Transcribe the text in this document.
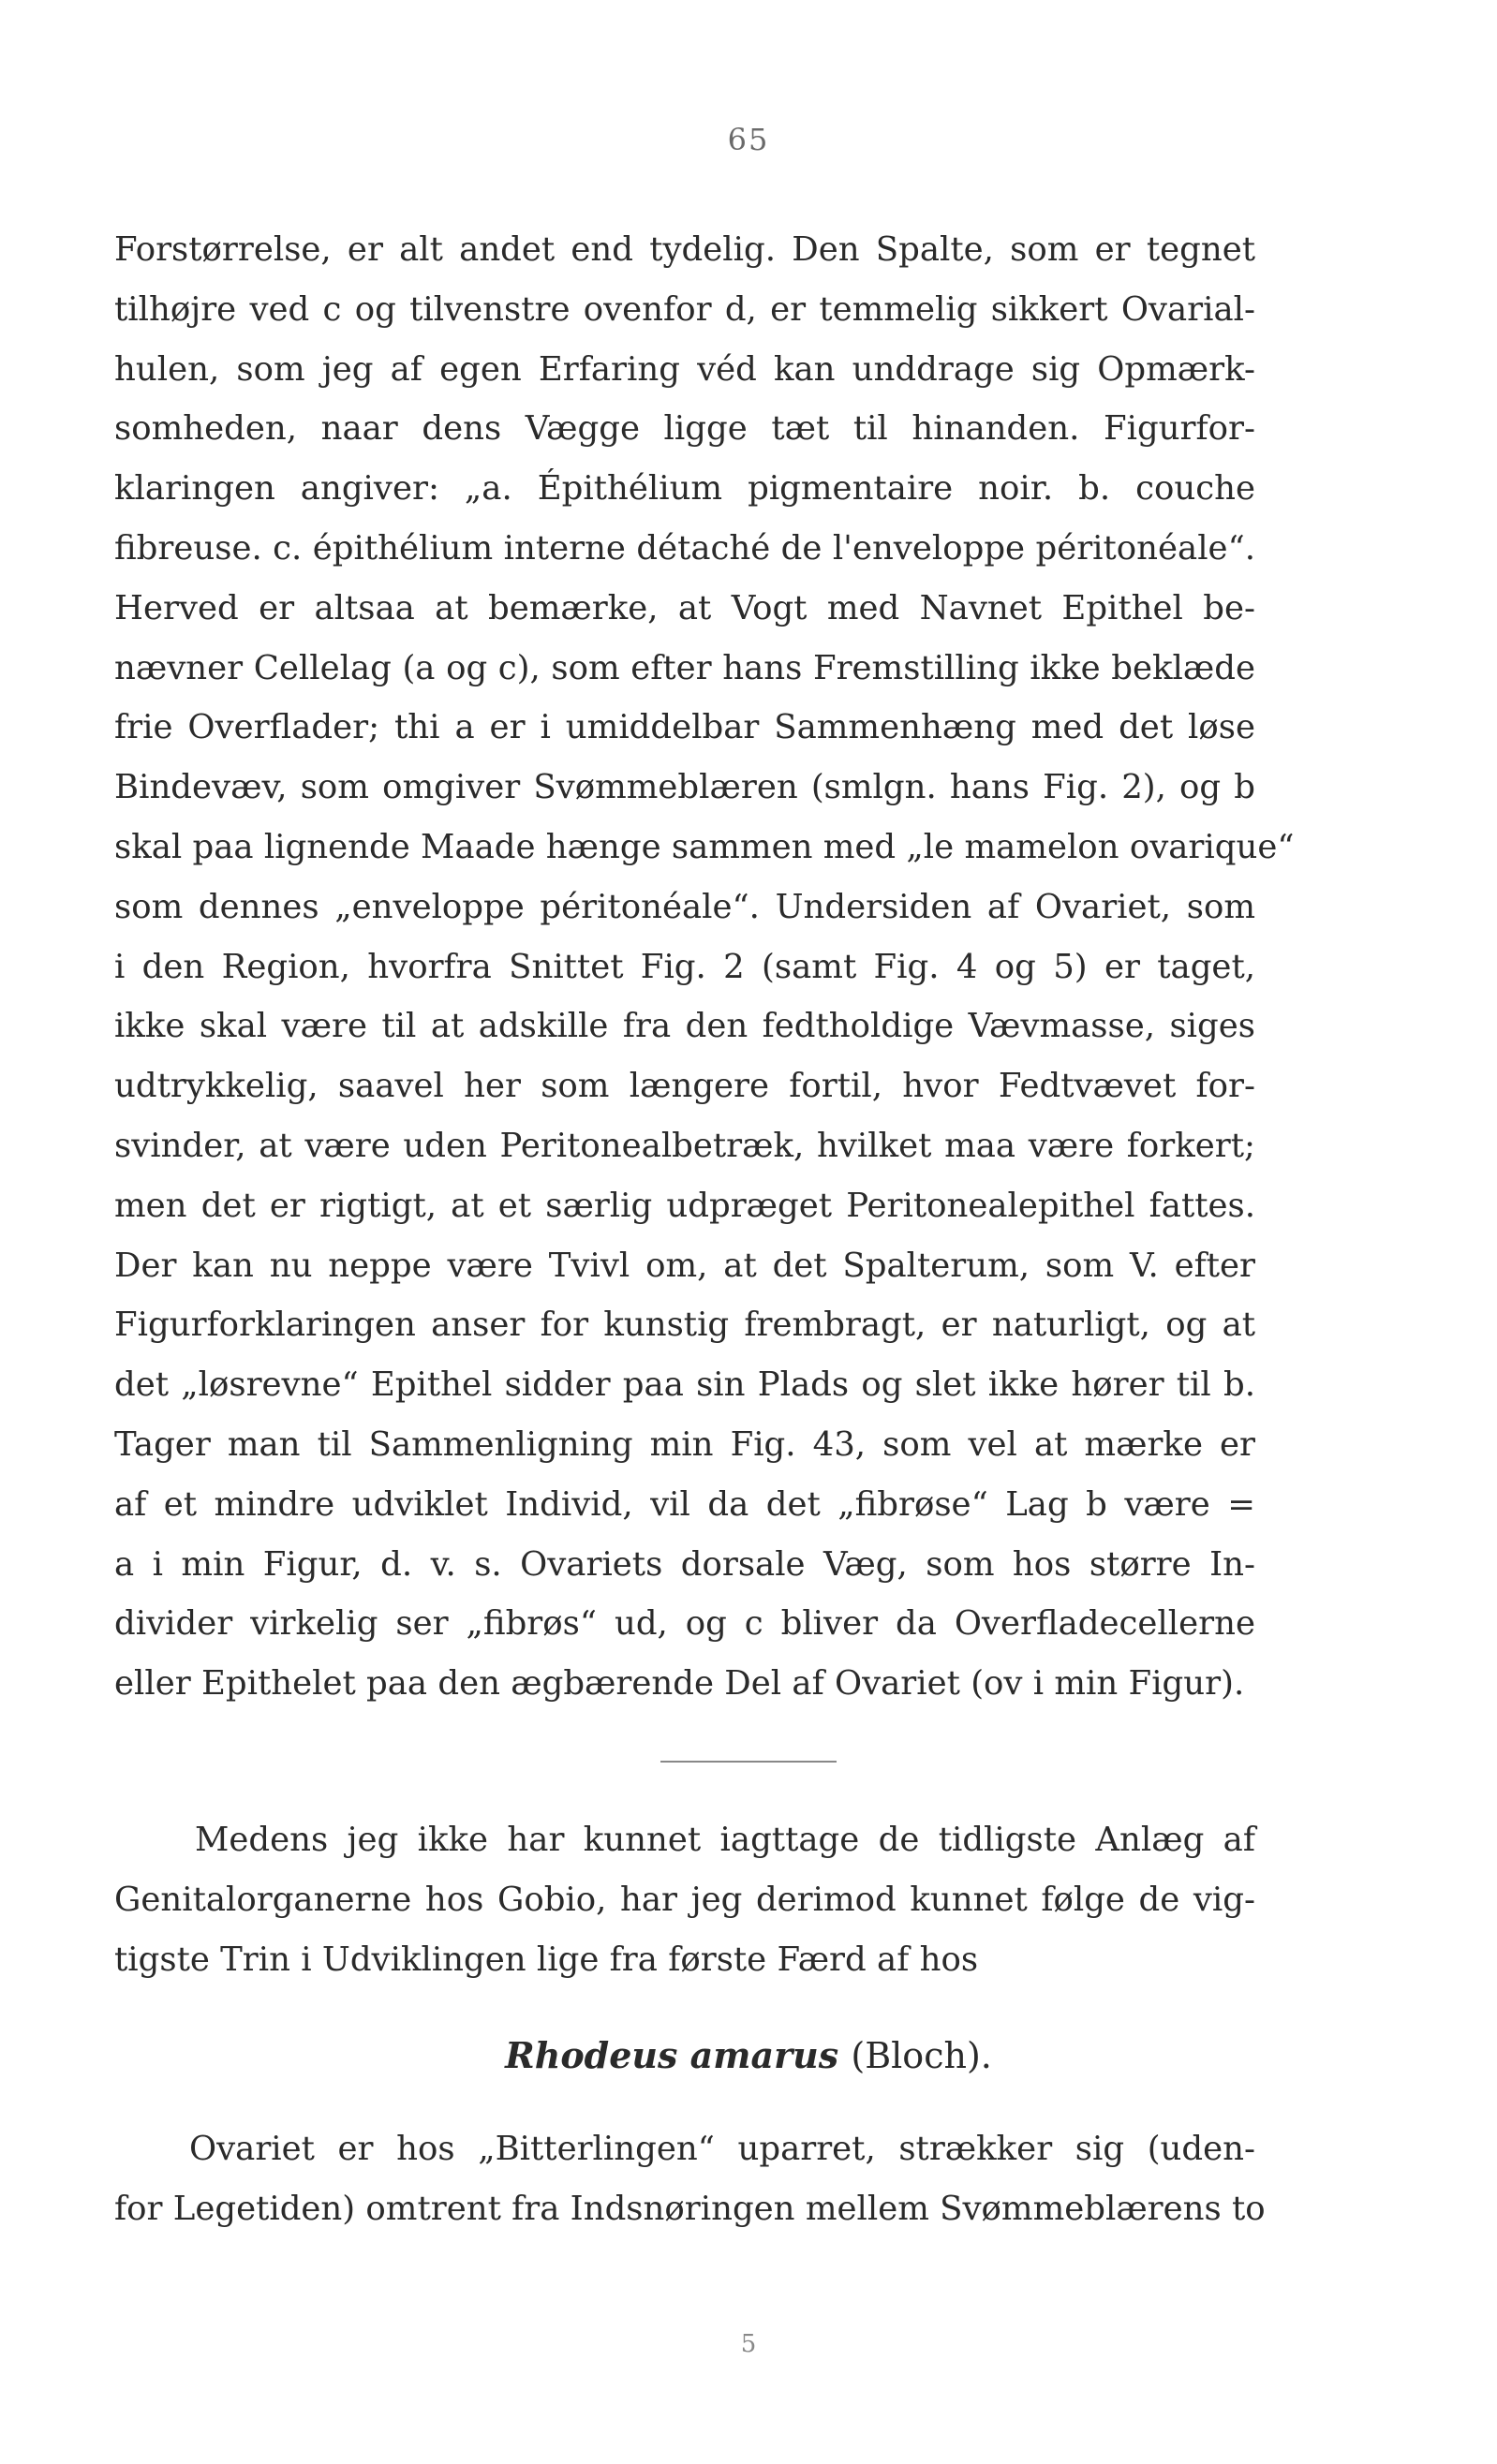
65
Forstørrelse, er alt andet end tydelig. Den Spalte, som er tegnet
tilhøjre ved c og tilvenstre ovenfor d, er temmelig sikkert Ovarial-
hulen, som jeg af egen Erfaring véd kan unddrage sig Opmærk-
somheden, naar dens Vægge ligge tæt til hinanden. Figurfor-
klaringen angiver: „a. Épithélium pigmentaire noir. b. couche
fibreuse. c. épithélium interne détaché de l'enveloppe péritonéale“.
Herved er altsaa at bemærke, at Vogt med Navnet Epithel be-
nævner Cellelag (a og c), som efter hans Fremstilling ikke beklæde
frie Overflader; thi a er i umiddelbar Sammenhæng med det løse
Bindevæv, som omgiver Svømmeblæren (smlgn. hans Fig. 2), og b
skal paa lignende Maade hænge sammen med „le mamelon ovarique“
som dennes „enveloppe péritonéale“. Undersiden af Ovariet, som
i den Region, hvorfra Snittet Fig. 2 (samt Fig. 4 og 5) er taget,
ikke skal være til at adskille fra den fedtholdige Vævmasse, siges
udtrykkelig, saavel her som længere fortil, hvor Fedtvævet for-
svinder, at være uden Peritonealbetræk, hvilket maa være forkert;
men det er rigtigt, at et særlig udpræget Peritonealepithel fattes.
Der kan nu neppe være Tvivl om, at det Spalterum, som V. efter
Figurforklaringen anser for kunstig frembragt, er naturligt, og at
det „løsrevne“ Epithel sidder paa sin Plads og slet ikke hører til b.
Tager man til Sammenligning min Fig. 43, som vel at mærke er
af et mindre udviklet Individ, vil da det „fibrøse“ Lag b være =
a i min Figur, d. v. s. Ovariets dorsale Væg, som hos større In-
divider virkelig ser „fibrøs“ ud, og c bliver da Overfladecellerne
eller Epithelet paa den ægbærende Del af Ovariet (ov i min Figur).
Medens jeg ikke har kunnet iagttage de tidligste Anlæg af
Genitalorganerne hos Gobio, har jeg derimod kunnet følge de vig-
tigste Trin i Udviklingen lige fra første Færd af hos
Rhodeus amarus (Bloch).
Ovariet er hos „Bitterlingen“ uparret, strækker sig (uden-
for Legetiden) omtrent fra Indsnøringen mellem Svømmeblærens to
5
